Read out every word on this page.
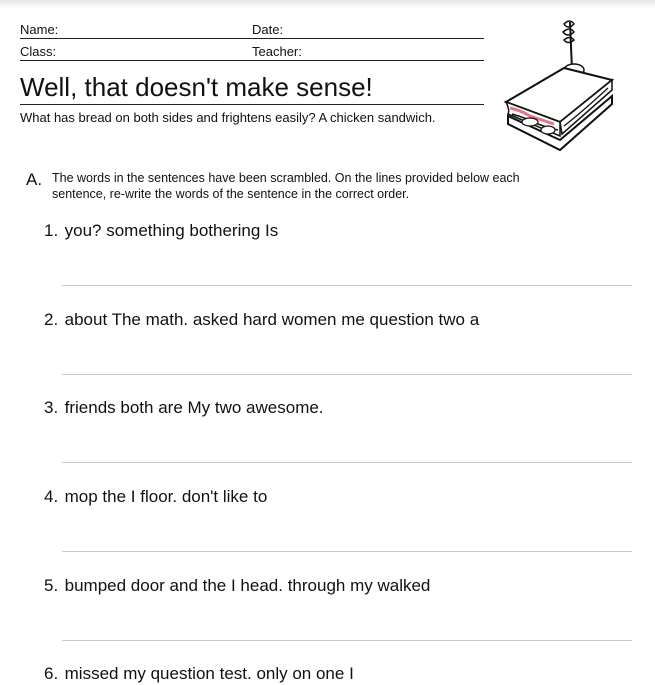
Name:	Date:
Class:	Teacher:
Well, that doesn't make sense!
What has bread on both sides and frightens easily? A chicken sandwich.
A. The words in the sentences have been scrambled. On the lines provided below each sentence, re-write the words of the sentence in the correct order.
1. you? something bothering Is
2. about The math. asked hard women me question two a
3. friends both are My two awesome.
4. mop the I floor. don't like to
5. bumped door and the I head. through my walked
6. missed my question test. only on one I
